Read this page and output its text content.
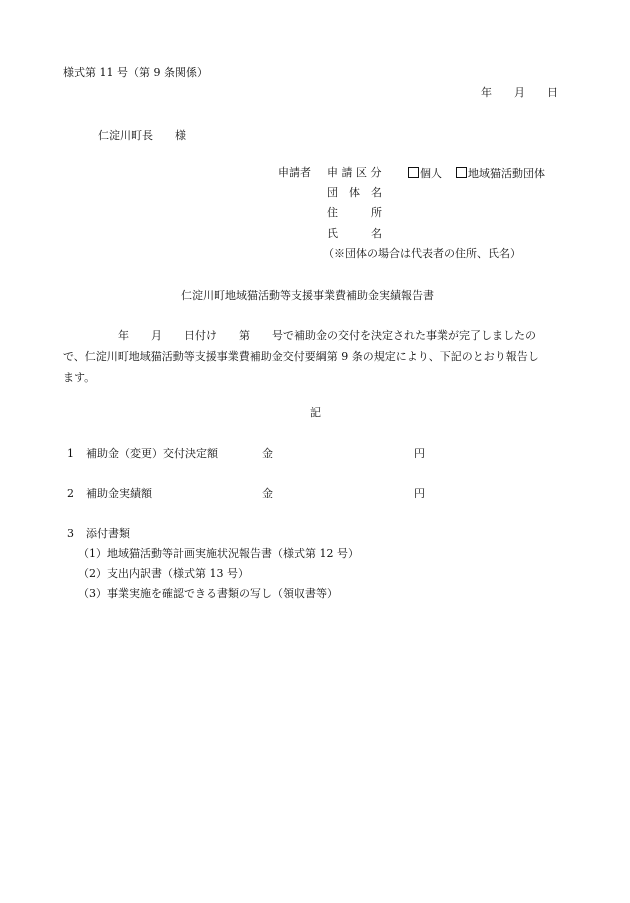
様式第 11 号（第 9 条関係）
年　　月　　日
仁淀川町長　　様
申請者 申 請 区 分	個人	地域猫活動団体
団　体　名
住　　　所
氏　　　名
（※団体の場合は代表者の住所、氏名）
仁淀川町地域猫活動等支援事業費補助金実績報告書
　　　　　年　　月　　日付け　　第　　号で補助金の交付を決定された事業が完了しましたの
で、仁淀川町地域猫活動等支援事業費補助金交付要綱第 9 条の規定により、下記のとおり報告し
ます。
記
1 補助金（変更）交付決定額	金	円
2 補助金実績額	金	円
3 添付書類
（1）地域猫活動等計画実施状況報告書（様式第 12 号）
（2）支出内訳書（様式第 13 号）
（3）事業実施を確認できる書類の写し（領収書等）
